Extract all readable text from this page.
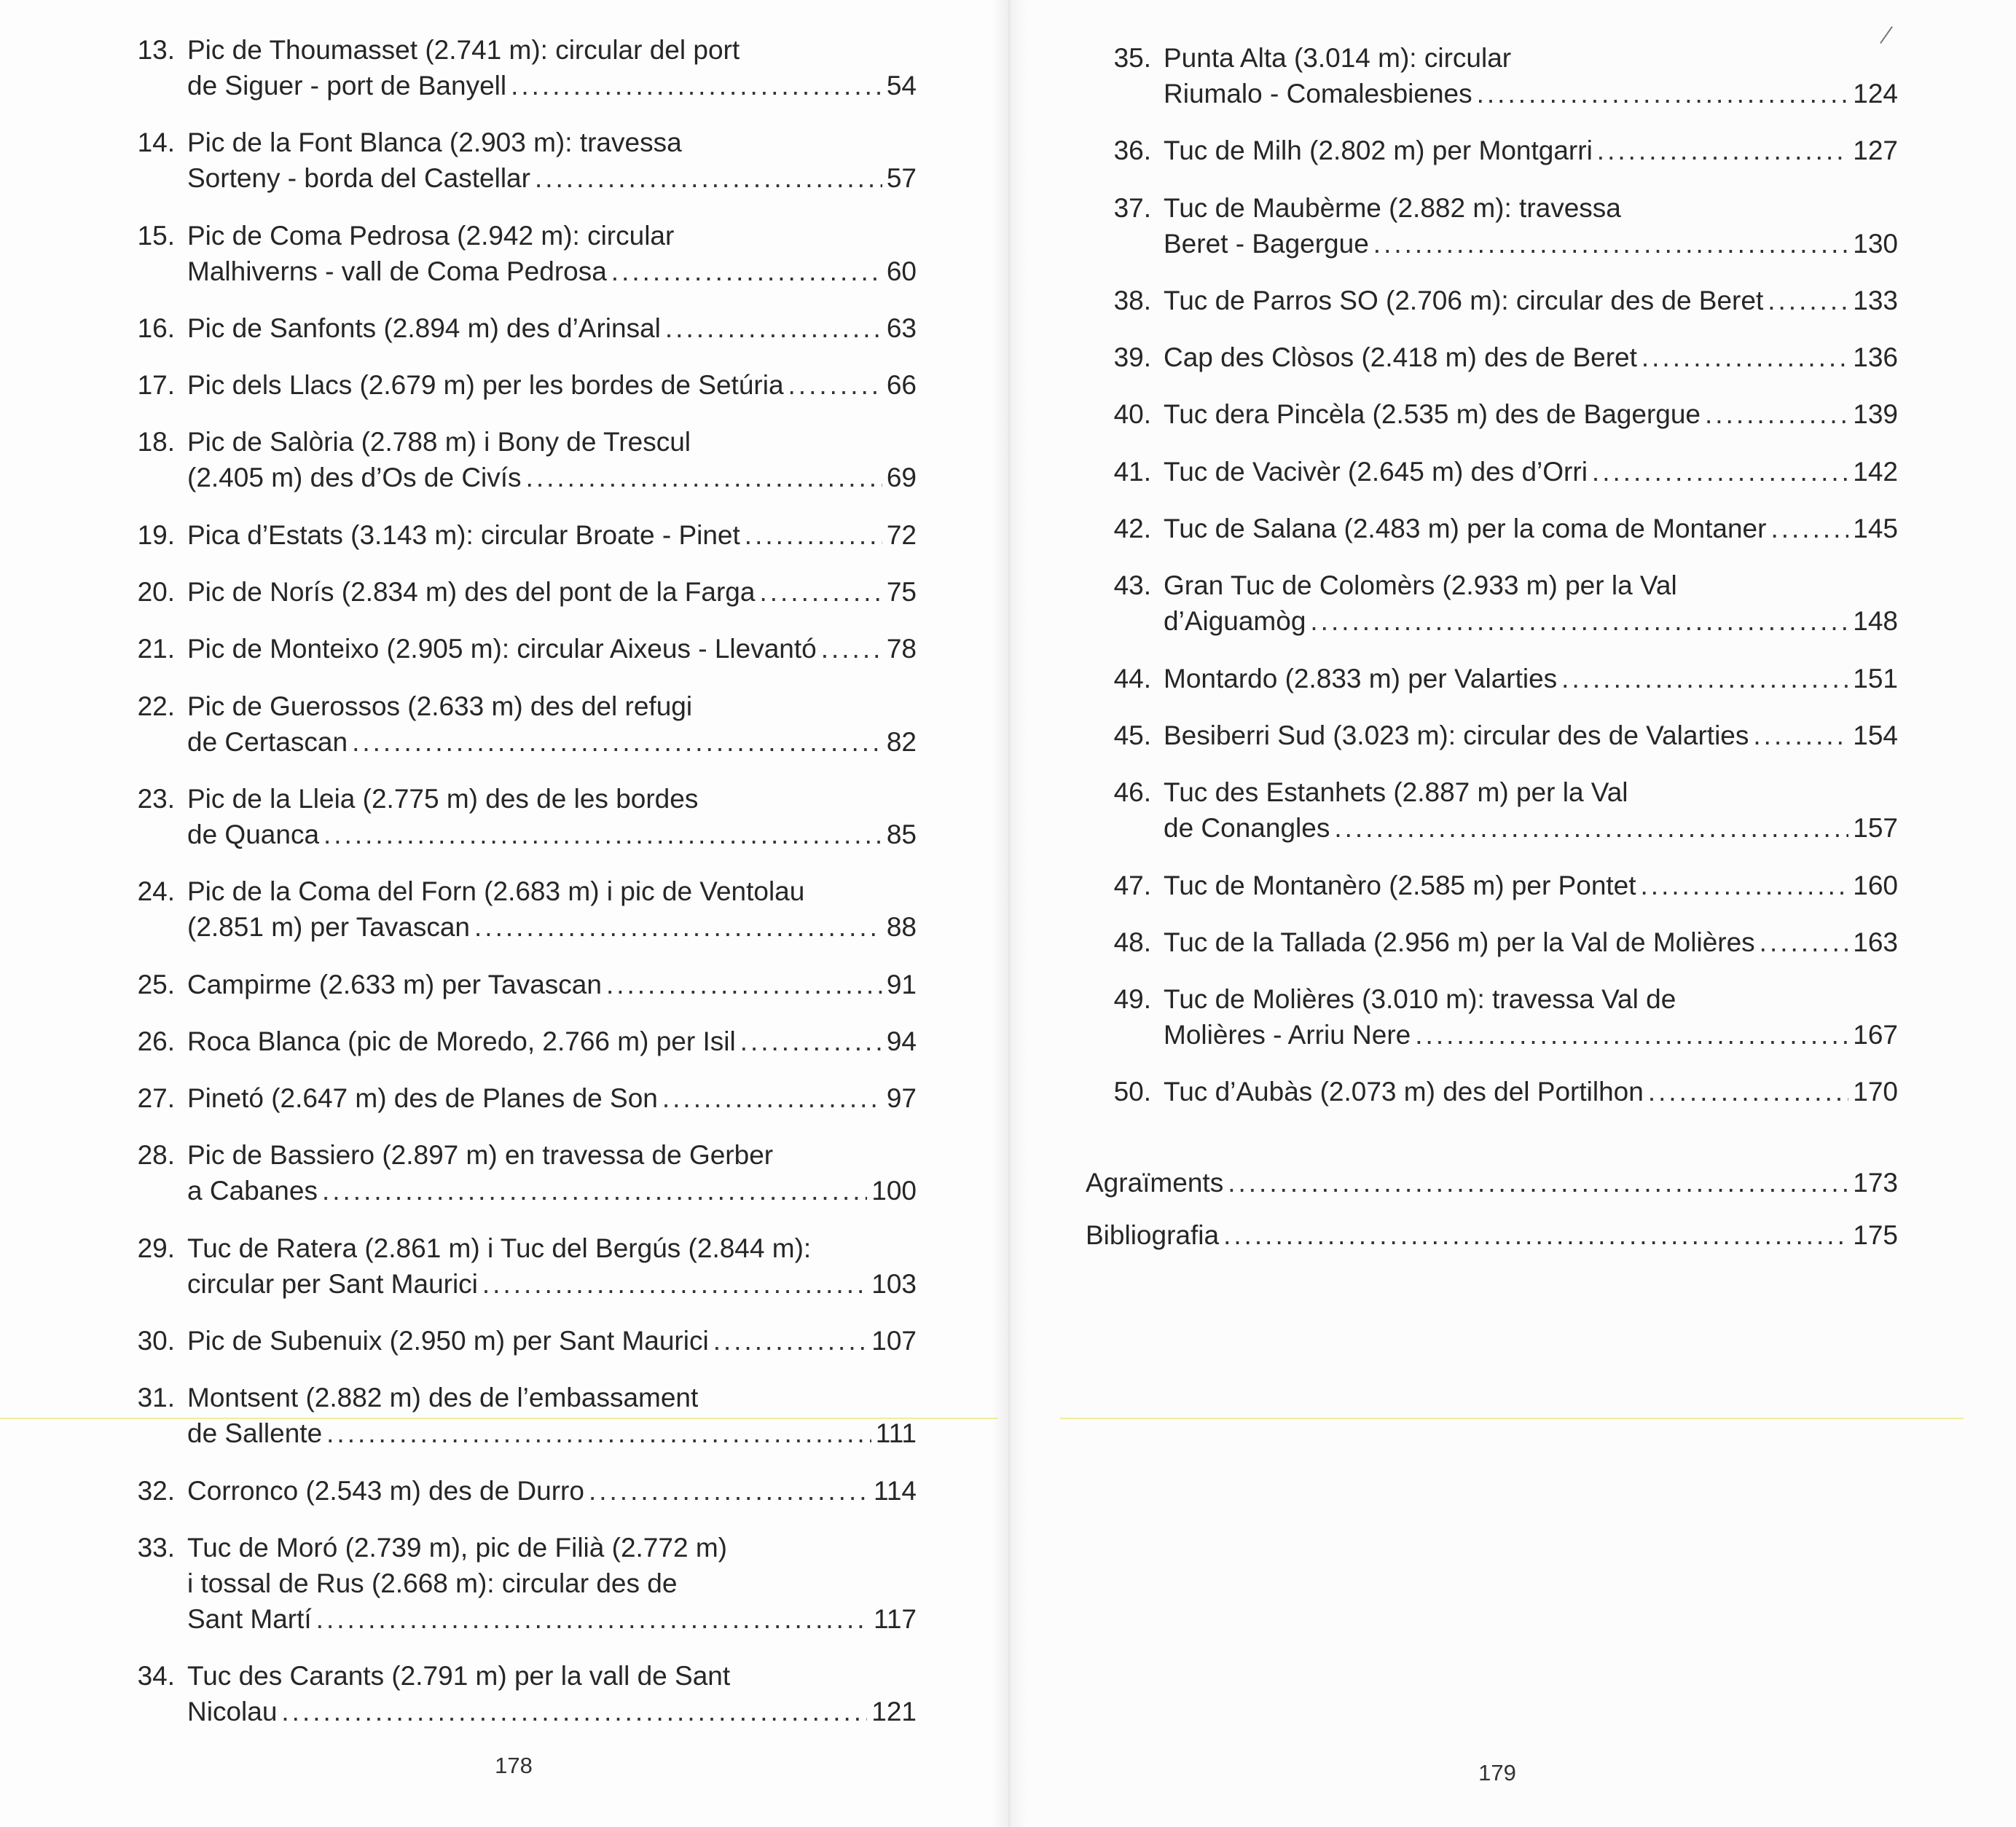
13. Pic de Thoumasset (2.741 m): circular del port
de Siguer - port de Banyell .....	54
14. Pic de la Font Blanca (2.903 m): travessa
Sorteny - borda del Castellar .....	57
15. Pic de Coma Pedrosa (2.942 m): circular
Malhiverns - vall de Coma Pedrosa .....	60
16. Pic de Sanfonts (2.894 m) des d’Arinsal .....	63
17. Pic dels Llacs (2.679 m) per les bordes de Setúria .....	66
18. Pic de Salòria (2.788 m) i Bony de Trescul
(2.405 m) des d’Os de Civís .....	69
19. Pica d’Estats (3.143 m): circular Broate - Pinet .....	72
20. Pic de Norís (2.834 m) des del pont de la Farga .....	75
21. Pic de Monteixo (2.905 m): circular Aixeus - Llevantó .....	78
22. Pic de Guerossos (2.633 m) des del refugi
de Certascan .....	82
23. Pic de la Lleia (2.775 m) des de les bordes
de Quanca .....	85
24. Pic de la Coma del Forn (2.683 m) i pic de Ventolau
(2.851 m) per Tavascan .....	88
25. Campirme (2.633 m) per Tavascan .....	91
26. Roca Blanca (pic de Moredo, 2.766 m) per Isil .....	94
27. Pinetó (2.647 m) des de Planes de Son .....	97
28. Pic de Bassiero (2.897 m) en travessa de Gerber
a Cabanes .....	100
29. Tuc de Ratera (2.861 m) i Tuc del Bergús (2.844 m):
circular per Sant Maurici .....	103
30. Pic de Subenuix (2.950 m) per Sant Maurici .....	107
31. Montsent (2.882 m) des de l’embassament
de Sallente .....	111
32. Corronco (2.543 m) des de Durro .....	114
33. Tuc de Moró (2.739 m), pic de Filià (2.772 m)
i tossal de Rus (2.668 m): circular des de
Sant Martí .....	117
34. Tuc des Carants (2.791 m) per la vall de Sant
Nicolau .....	121
35. Punta Alta (3.014 m): circular
Riumalo - Comalesbienes .....	124
36. Tuc de Milh (2.802 m) per Montgarri .....	127
37. Tuc de Maubèrme (2.882 m): travessa
Beret - Bagergue .....	130
38. Tuc de Parros SO (2.706 m): circular des de Beret .....	133
39. Cap des Clòsos (2.418 m) des de Beret .....	136
40. Tuc dera Pincèla (2.535 m) des de Bagergue .....	139
41. Tuc de Vacivèr (2.645 m) des d’Orri .....	142
42. Tuc de Salana (2.483 m) per la coma de Montaner .....	145
43. Gran Tuc de Colomèrs (2.933 m) per la Val
d’Aiguamòg .....	148
44. Montardo (2.833 m) per Valarties .....	151
45. Besiberri Sud (3.023 m): circular des de Valarties .....	154
46. Tuc des Estanhets (2.887 m) per la Val
de Conangles .....	157
47. Tuc de Montanèro (2.585 m) per Pontet .....	160
48. Tuc de la Tallada (2.956 m) per la Val de Molières .....	163
49. Tuc de Molières (3.010 m): travessa Val de
Molières - Arriu Nere .....	167
50. Tuc d’Aubàs (2.073 m) des del Portilhon .....	170
Agraïments .....	173
Bibliografia .....	175
178	179
